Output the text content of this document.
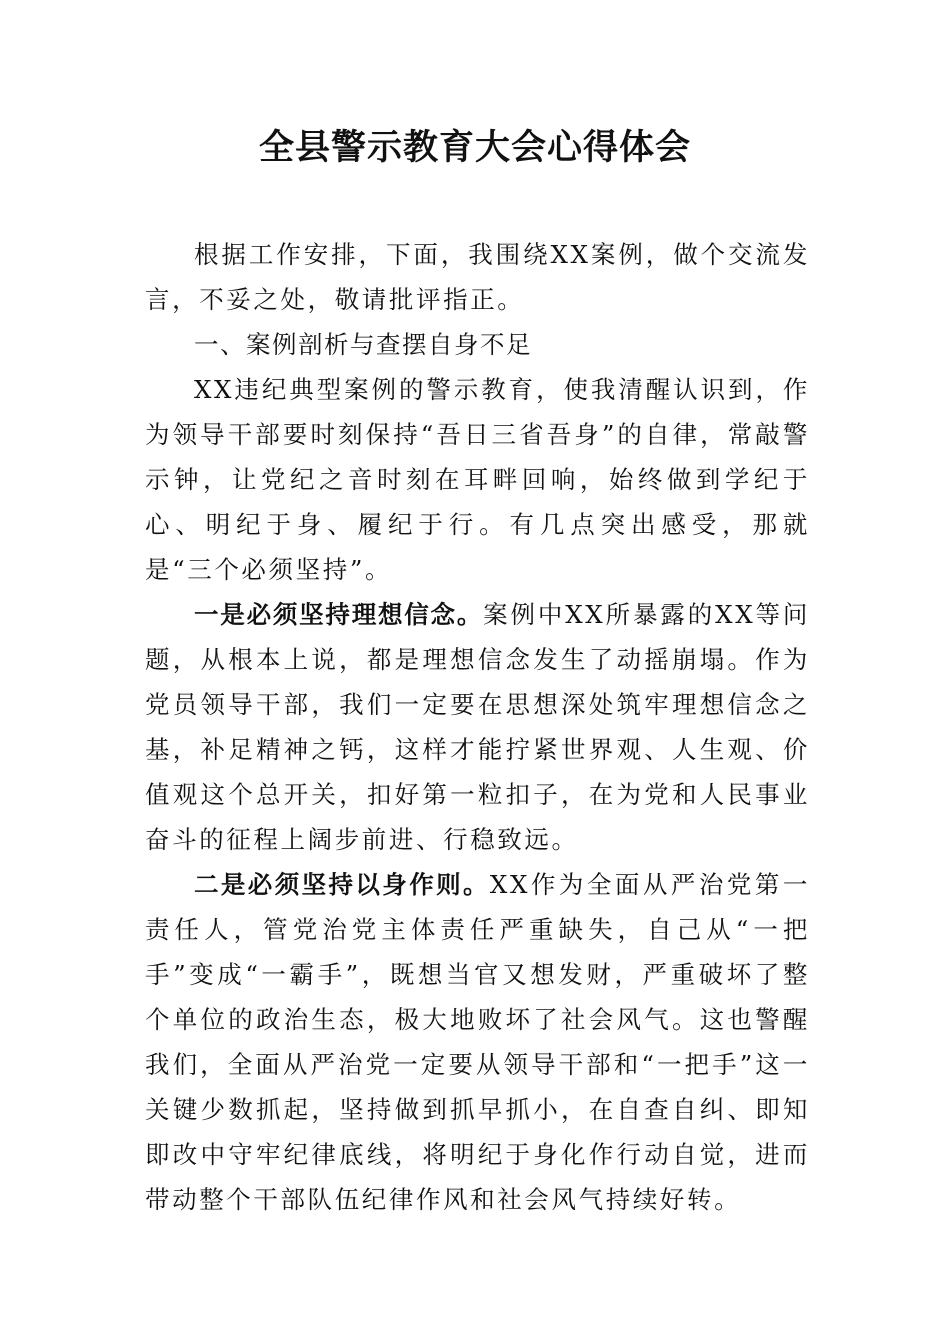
全县警示教育大会心得体会

根据工作安排，下面，我围绕XX案例，做个交流发言，不妥之处，敬请批评指正。

一、案例剖析与查摆自身不足

XX违纪典型案例的警示教育，使我清醒认识到，作为领导干部要时刻保持“吾日三省吾身”的自律，常敲警示钟，让党纪之音时刻在耳畔回响，始终做到学纪于心、明纪于身、履纪于行。有几点突出感受，那就是“三个必须坚持”。

一是必须坚持理想信念。案例中XX所暴露的XX等问题，从根本上说，都是理想信念发生了动摇崩塌。作为党员领导干部，我们一定要在思想深处筑牢理想信念之基，补足精神之钙，这样才能拧紧世界观、人生观、价值观这个总开关，扣好第一粒扣子，在为党和人民事业奋斗的征程上阔步前进、行稳致远。

二是必须坚持以身作则。XX作为全面从严治党第一责任人，管党治党主体责任严重缺失，自己从“一把手”变成“一霸手”，既想当官又想发财，严重破坏了整个单位的政治生态，极大地败坏了社会风气。这也警醒我们，全面从严治党一定要从领导干部和“一把手”这一关键少数抓起，坚持做到抓早抓小，在自查自纠、即知即改中守牢纪律底线，将明纪于身化作行动自觉，进而带动整个干部队伍纪律作风和社会风气持续好转。
